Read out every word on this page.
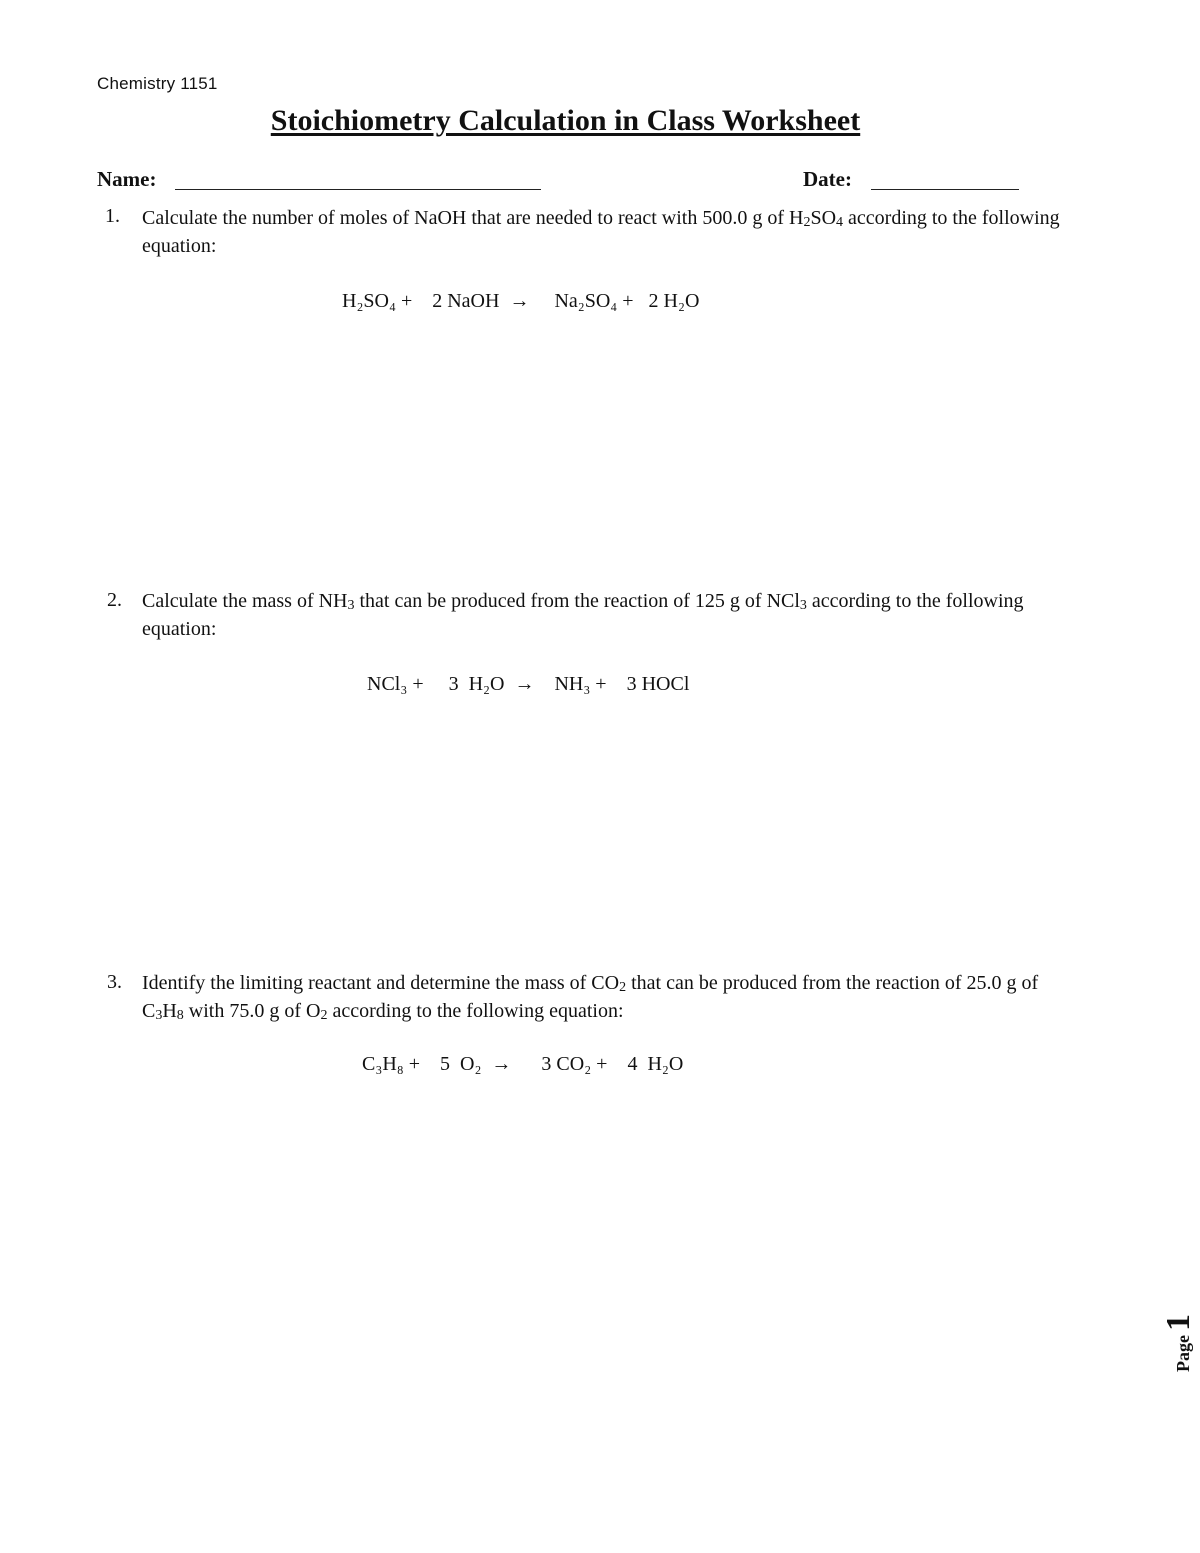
Chemistry 1151
Stoichiometry Calculation in Class Worksheet
Name:	Date:
1. Calculate the number of moles of NaOH that are needed to react with 500.0 g of $H_2SO_4$ according to the following equation:
H₂SO₄ +    2 NaOH  →     Na₂SO₄ +   2 H₂O
2. Calculate the mass of $NH_3$ that can be produced from the reaction of 125 g of NCl$_3$ according to the following equation:
NCl₃ +     3  H₂O  →    NH₃ +    3 HOCl
3. Identify the limiting reactant and determine the mass of $CO_2$ that can be produced from the reaction of 25.0 g of $C_3H_8$ with 75.0 g of $O_2$ according to the following equation:
C₃H₈ +    5  O₂  →      3 CO₂ +    4  H₂O
Page1
